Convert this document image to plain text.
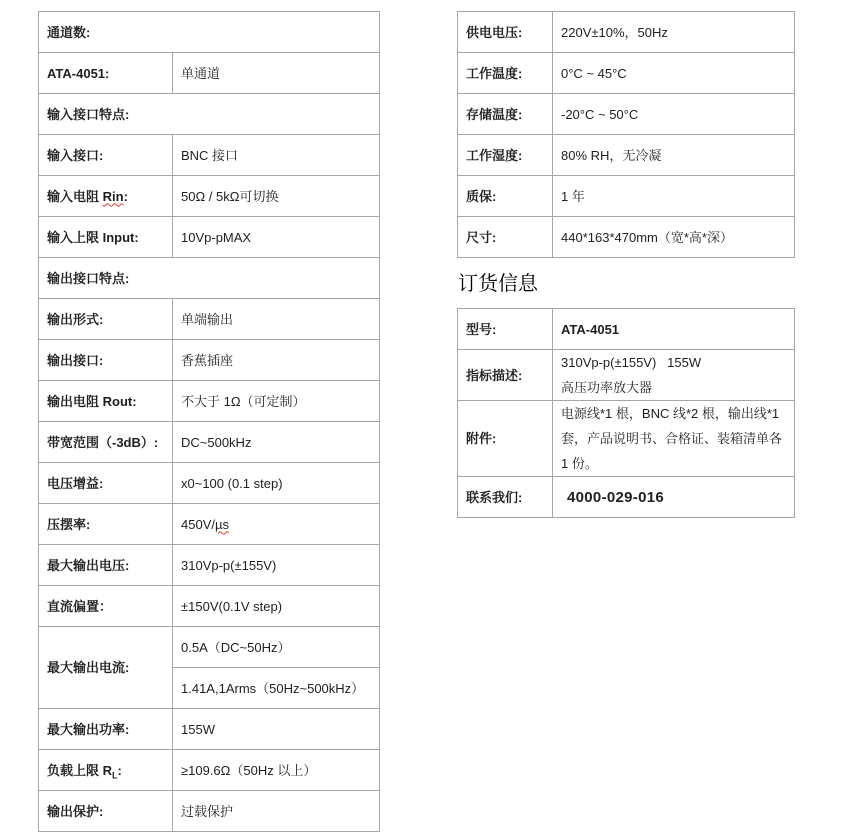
通道数:	
ATA-4051:	单通道
输入接口特点:	
输入接口:	BNC 接口
输入电阻 Rin:	50Ω / 5kΩ可切换
输入上限 Input:	10Vp-pMAX
输出接口特点:	
输出形式:	单端输出
输出接口:	香蕉插座
输出电阻 Rout:	不大于 1Ω（可定制）
带宽范围（-3dB）:	DC~500kHz
电压增益:	x0~100 (0.1 step)
压摆率:	450V/µs
最大输出电压:	310Vp-p(±155V)
直流偏置：	±150V(0.1V step)
最大输出电流:	0.5A（DC~50Hz）
	1.41A,1Arms（50Hz~500kHz）
最大输出功率:	155W
负载上限 $R_L$:	≥109.6Ω（50Hz 以上）
输出保护:	过载保护
供电电压:	220V±10%，50Hz
工作温度:	0°C ~ 45°C
存储温度:	-20°C ~ 50°C
工作湿度:	80% RH，无冷凝
质保:	1 年
尺寸:	440*163*470mm（宽*高*深）
订货信息
型号:	ATA-4051
指标描述:	310Vp-p(±155V)   155W
高压功率放大器
附件:	电源线*1 根，BNC 线*2 根，输出线*1 套，产品说明书、合格证、装箱清单各 1 份。
联系我们:	4000-029-016
